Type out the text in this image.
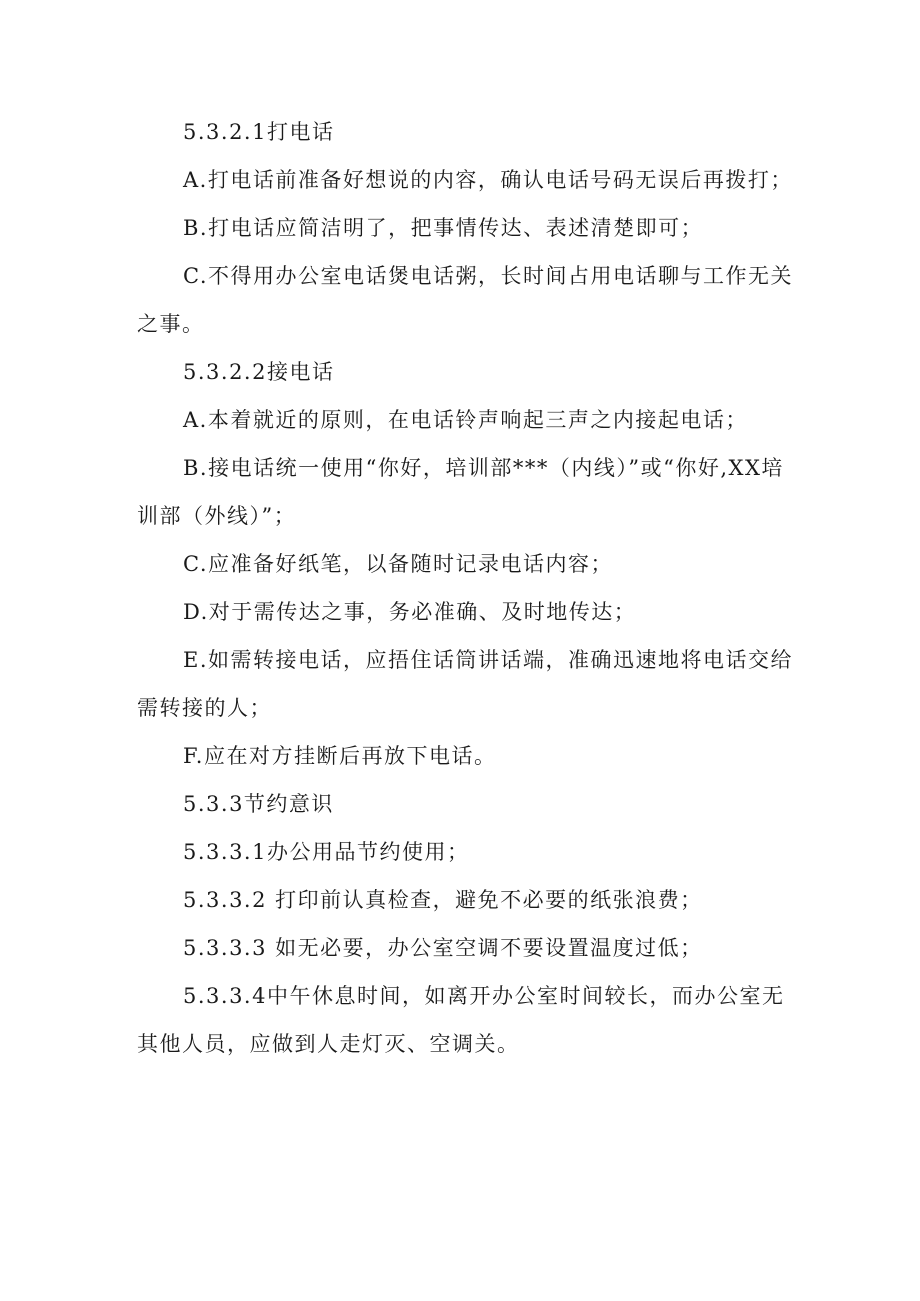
5.3.2.1打电话

A.打电话前准备好想说的内容，确认电话号码无误后再拨打；

B.打电话应简洁明了，把事情传达、表述清楚即可；

C.不得用办公室电话煲电话粥，长时间占用电话聊与工作无关之事。

5.3.2.2接电话

A.本着就近的原则，在电话铃声响起三声之内接起电话；

B.接电话统一使用“你好，培训部***（内线）”或“你好,XX培训部（外线）”；

C.应准备好纸笔，以备随时记录电话内容；

D.对于需传达之事，务必准确、及时地传达；

E.如需转接电话，应捂住话筒讲话端，准确迅速地将电话交给需转接的人；

F.应在对方挂断后再放下电话。

5.3.3节约意识

5.3.3.1办公用品节约使用；

5.3.3.2 打印前认真检查，避免不必要的纸张浪费；

5.3.3.3 如无必要，办公室空调不要设置温度过低；

5.3.3.4中午休息时间，如离开办公室时间较长，而办公室无其他人员，应做到人走灯灭、空调关。
